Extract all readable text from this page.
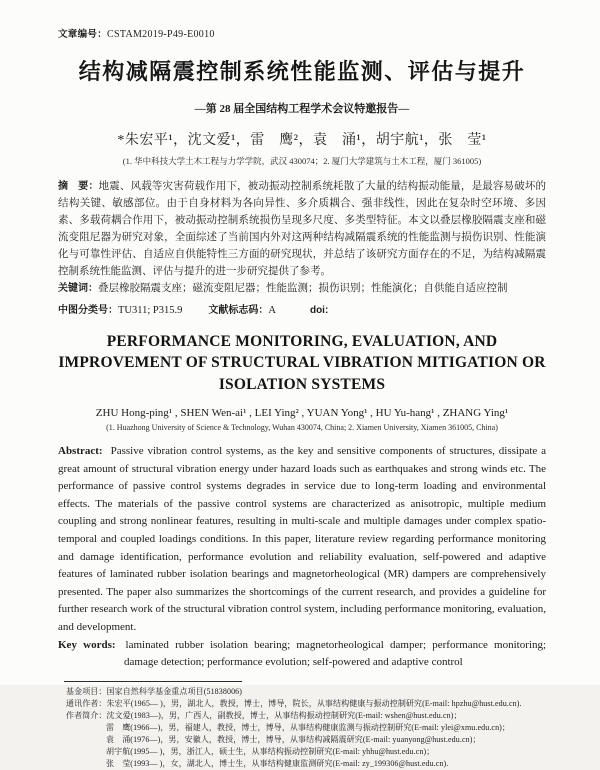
文章编号：CSTAM2019-P49-E0010
结构减隔震控制系统性能监测、评估与提升
—第 28 届全国结构工程学术会议特邀报告—
*朱宏平¹，沈文爱¹，雷　鹰²，袁　涌¹，胡宇航¹，张　莹¹
(1. 华中科技大学土木工程与力学学院，武汉 430074；2. 厦门大学建筑与土木工程，厦门 361005)
摘　要：地震、风载等灾害荷载作用下，被动振动控制系统耗散了大量的结构振动能量，是最容易破坏的结构关键、敏感部位。由于自身材料为各向异性、多介质耦合、强非线性，因此在复杂时空环境、多因素、多载荷耦合作用下，被动振动控制系统损伤呈现多尺度、多类型特征。本文以叠层橡胶隔震支座和磁流变阻尼器为研究对象，全面综述了当前国内外对这两种结构减隔震系统的性能监测与损伤识别、性能演化与可靠性评估、自适应自供能特性三方面的研究现状，并总结了该研究方面存在的不足，为结构减隔震控制系统性能监测、评估与提升的进一步研究提供了参考。
关键词：叠层橡胶隔震支座；磁流变阻尼器；性能监测；损伤识别；性能演化；自供能自适应控制
中图分类号：TU311; P315.9	文献标志码：A	doi:
PERFORMANCE MONITORING, EVALUATION, AND IMPROVEMENT OF STRUCTURAL VIBRATION MITIGATION OR ISOLATION SYSTEMS
ZHU Hong-ping¹ , SHEN Wen-ai¹ , LEI Ying² , YUAN Yong¹ , HU Yu-hang¹ , ZHANG Ying¹
(1. Huazhong University of Science & Technology, Wuhan 430074, China; 2. Xiamen University, Xiamen 361005, China)
Abstract: Passive vibration control systems, as the key and sensitive components of structures, dissipate a great amount of structural vibration energy under hazard loads such as earthquakes and strong winds etc. The performance of passive control systems degrades in service due to long-term loading and environmental effects. The materials of the passive control systems are characterized as anisotropic, multiple medium coupling and strong nonlinear features, resulting in multi-scale and multiple damages under complex spatio-temporal and coupled loadings conditions. In this paper, literature review regarding performance monitoring and damage identification, performance evolution and reliability evaluation, self-powered and adaptive features of laminated rubber isolation bearings and magnetorheological (MR) dampers are comprehensively presented. The paper also summarizes the shortcomings of the current research, and provides a guideline for further research work of the structural vibration control system, including performance monitoring, evaluation, and development.
Key words: laminated rubber isolation bearing; magnetorheological damper; performance monitoring; damage detection; performance evolution; self-powered and adaptive control
基金项目：国家自然科学基金重点项目(51838006)
通讯作者：朱宏平(1965— )，男，湖北人，教授，博士，博导，院长，从事结构健康与振动控制研究(E-mail: hpzhu@hust.edu.cn).
作者简介：沈文爱(1983—)，男，广西人，副教授，博士，从事结构振动控制研究(E-mail: wshen@hust.edu.cn)；
雷　鹰(1966—)，男，福建人，教授，博士，博导，从事结构健康监测与振动控制研究(E-mail: ylei@xmu.edu.cn)；
袁　涌(1976—)，男，安徽人，教授，博士，博导，从事结构减隔震研究(E-mail: yuanyong@hust.edu.cn)；
胡宇航(1995— )，男，浙江人，硕士生，从事结构振动控制研究(E-mail: yhhu@hust.edu.cn)；
张　莹(1993— )，女，湖北人，博士生，从事结构健康监测研究(E-mail: zy_199306@hust.edu.cn).
